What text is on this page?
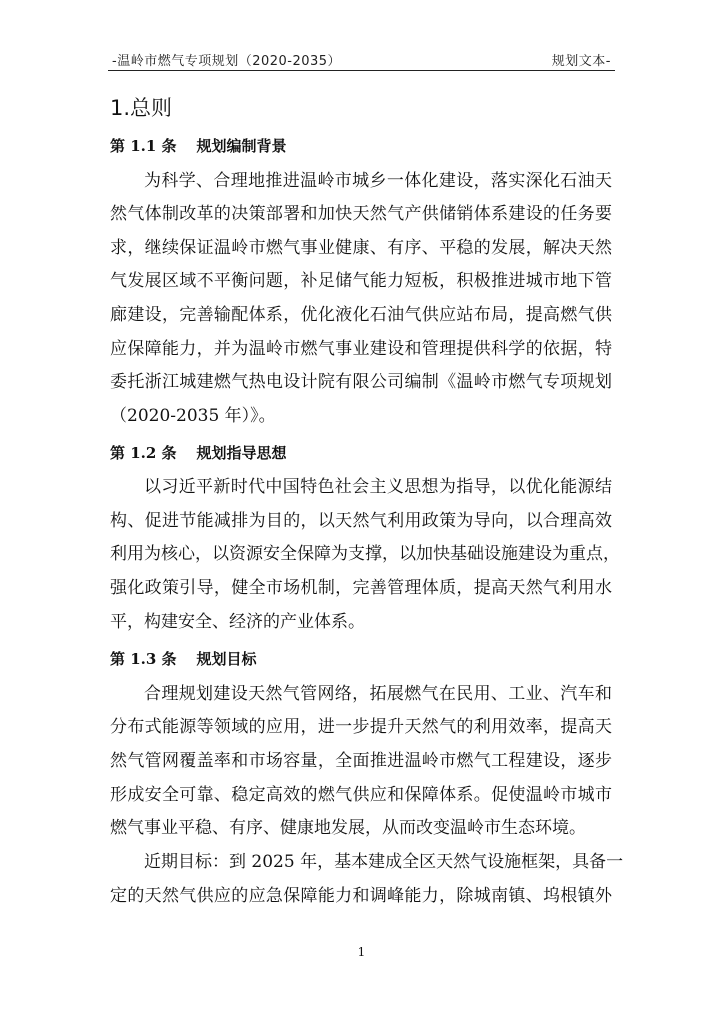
-温岭市燃气专项规划（2020-2035）	规划文本-
1.总则
第 1.1 条 规划编制背景
为科学、合理地推进温岭市城乡一体化建设，落实深化石油天
然气体制改革的决策部署和加快天然气产供储销体系建设的任务要
求，继续保证温岭市燃气事业健康、有序、平稳的发展，解决天然
气发展区域不平衡问题，补足储气能力短板，积极推进城市地下管
廊建设，完善输配体系，优化液化石油气供应站布局，提高燃气供
应保障能力，并为温岭市燃气事业建设和管理提供科学的依据，特
委托浙江城建燃气热电设计院有限公司编制《温岭市燃气专项规划
（2020-2035 年）》。
第 1.2 条 规划指导思想
以习近平新时代中国特色社会主义思想为指导，以优化能源结
构、促进节能减排为目的，以天然气利用政策为导向，以合理高效
利用为核心，以资源安全保障为支撑，以加快基础设施建设为重点，
强化政策引导，健全市场机制，完善管理体质，提高天然气利用水
平，构建安全、经济的产业体系。
第 1.3 条 规划目标
合理规划建设天然气管网络，拓展燃气在民用、工业、汽车和
分布式能源等领域的应用，进一步提升天然气的利用效率，提高天
然气管网覆盖率和市场容量，全面推进温岭市燃气工程建设，逐步
形成安全可靠、稳定高效的燃气供应和保障体系。促使温岭市城市
燃气事业平稳、有序、健康地发展，从而改变温岭市生态环境。
近期目标：到 2025 年，基本建成全区天然气设施框架，具备一
定的天然气供应的应急保障能力和调峰能力，除城南镇、坞根镇外
1
